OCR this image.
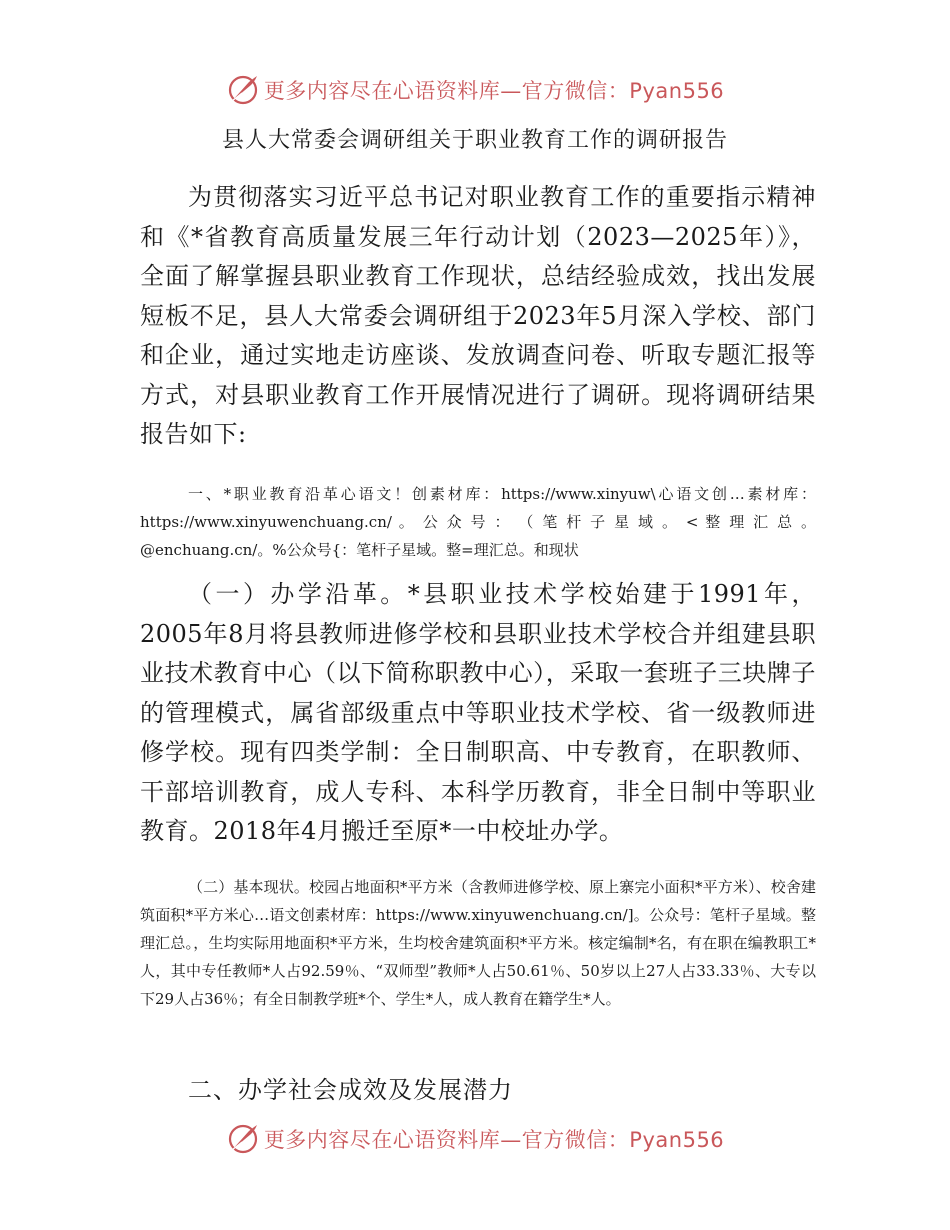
更多内容尽在心语资料库—官方微信：Pyan556
县人大常委会调研组关于职业教育工作的调研报告

为贯彻落实习近平总书记对职业教育工作的重要指示精神和《*省教育高质量发展三年行动计划（2023—2025年）》，全面了解掌握县职业教育工作现状，总结经验成效，找出发展短板不足，县人大常委会调研组于2023年5月深入学校、部门和企业，通过实地走访座谈、发放调查问卷、听取专题汇报等方式，对县职业教育工作开展情况进行了调研。现将调研结果报告如下:

一、*职业教育沿革心语文！创素材库：https://www.xinyuw\心语文创…素材库：https://www.xinyuwenchuang.cn/ 。 公 众 号 ： （ 笔 杆 子 星 域 。 < 整 理 汇 总 。@enchuang.cn/。%公众号{：笔杆子星域。整=理汇总。和现状

（一）办学沿革。*县职业技术学校始建于1991年，2005年8月将县教师进修学校和县职业技术学校合并组建县职业技术教育中心（以下简称职教中心），采取一套班子三块牌子的管理模式，属省部级重点中等职业技术学校、省一级教师进修学校。现有四类学制：全日制职高、中专教育，在职教师、干部培训教育，成人专科、本科学历教育，非全日制中等职业教育。2018年4月搬迁至原*一中校址办学。

（二）基本现状。校园占地面积*平方米（含教师进修学校、原上寨完小面积*平方米）、校舍建筑面积*平方米心…语文创素材库：https://www.xinyuwenchuang.cn/]。公众号：笔杆子星域。整理汇总。，生均实际用地面积*平方米，生均校舍建筑面积*平方米。核定编制*名，有在职在编教职工*人，其中专任教师*人占92.59％、“双师型”教师*人占50.61％、50岁以上27人占33.33％、大专以下29人占36％；有全日制教学班*个、学生*人，成人教育在籍学生*人。

二、办学社会成效及发展潜力
更多内容尽在心语资料库—官方微信：Pyan556
